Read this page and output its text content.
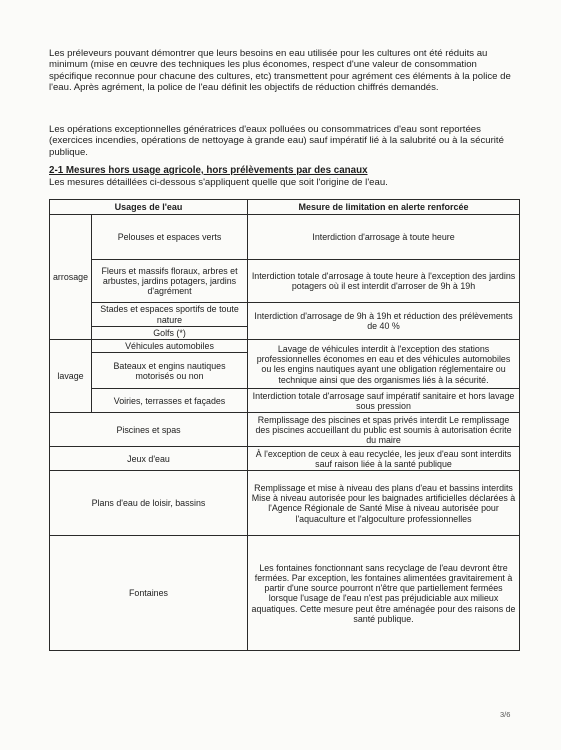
Les préleveurs pouvant démontrer que leurs besoins en eau utilisée pour les cultures ont été réduits au minimum (mise en œuvre des techniques les plus économes, respect d'une valeur de consommation spécifique reconnue pour chacune des cultures, etc) transmettent pour agrément ces éléments à la police de l'eau. Après agrément, la police de l'eau définit les objectifs de réduction chiffrés demandés.

Les opérations exceptionnelles génératrices d'eaux polluées ou consommatrices d'eau sont reportées (exercices incendies, opérations de nettoyage à grande eau) sauf impératif lié à la salubrité ou à la sécurité publique.

2-1 Mesures hors usage agricole, hors prélèvements par des canaux
Les mesures détaillées ci-dessous s'appliquent quelle que soit l'origine de l'eau.
Usages de l'eau		Mesure de limitation en alerte renforcée
arrosage	Pelouses et espaces verts	Interdiction d'arrosage à toute heure
	Fleurs et massifs floraux, arbres et arbustes, jardins potagers, jardins d'agrément	Interdiction totale d'arrosage à toute heure à l'exception des jardins potagers où il est interdit d'arroser de 9h à 19h
	Stades et espaces sportifs de toute nature	Interdiction d'arrosage de 9h à 19h et réduction des prélèvements de 40 %
	Golfs (*)	
lavage	Véhicules automobiles	Lavage de véhicules interdit à l'exception des stations professionnelles économes en eau et des véhicules automobiles ou les engins nautiques ayant une obligation réglementaire ou technique ainsi que des organismes liés à la sécurité.
	Bateaux et engins nautiques motorisés ou non	
	Voiries, terrasses et façades	Interdiction totale d'arrosage sauf impératif sanitaire et hors lavage sous pression
Piscines et spas		Remplissage des piscines et spas privés interdit Le remplissage des piscines accueillant du public est soumis à autorisation écrite du maire
Jeux d'eau		À l'exception de ceux à eau recyclée, les jeux d'eau sont interdits sauf raison liée à la santé publique
Plans d'eau de loisir, bassins		Remplissage et mise à niveau des plans d'eau et bassins interdits Mise à niveau autorisée pour les baignades artificielles déclarées à l'Agence Régionale de Santé Mise à niveau autorisée pour l'aquaculture et l'algoculture professionnelles
Fontaines		Les fontaines fonctionnant sans recyclage de l'eau devront être fermées. Par exception, les fontaines alimentées gravitairement à partir d'une source pourront n'être que partiellement fermées lorsque l'usage de l'eau n'est pas préjudiciable aux milieux aquatiques. Cette mesure peut être aménagée pour des raisons de santé publique.
3/6
